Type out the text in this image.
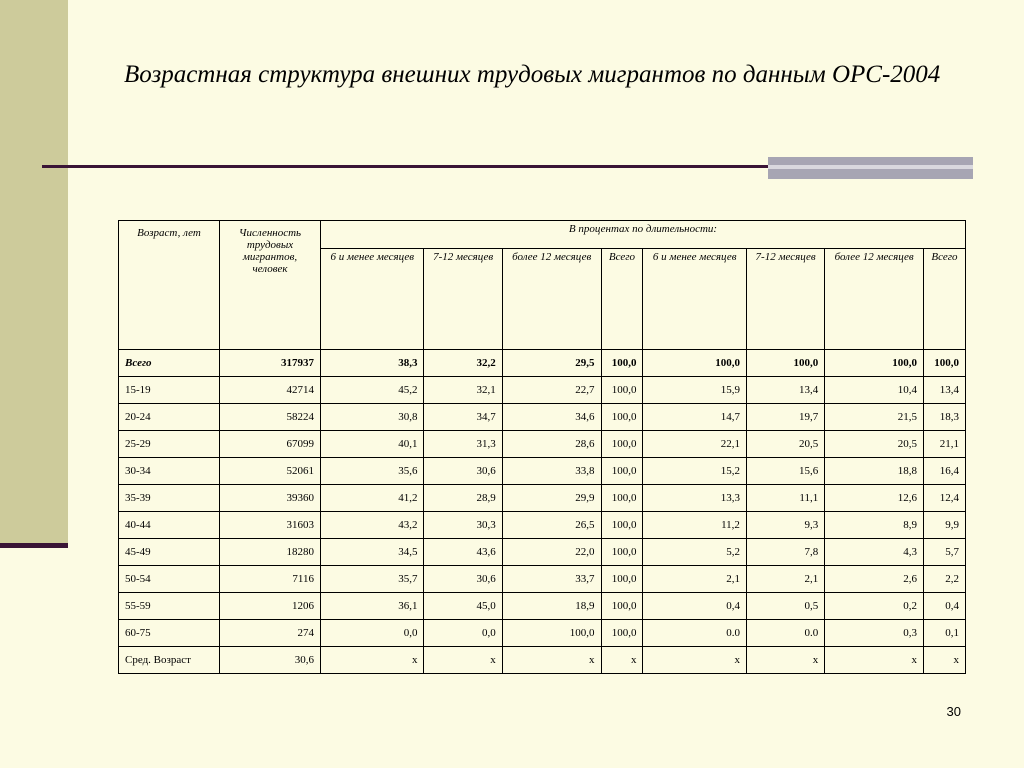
Возрастная структура внешних трудовых мигрантов по данным ОРС-2004
Возраст, лет	Численность трудовых мигрантов, человек	В процентах по длительности:							
		6 и менее месяцев	7-12 месяцев	более 12 месяцев	Всего	6 и менее месяцев	7-12 месяцев	более 12 месяцев	Всего
Всего	317937	38,3	32,2	29,5	100,0	100,0	100,0	100,0	100,0
15-19	42714	45,2	32,1	22,7	100,0	15,9	13,4	10,4	13,4
20-24	58224	30,8	34,7	34,6	100,0	14,7	19,7	21,5	18,3
25-29	67099	40,1	31,3	28,6	100,0	22,1	20,5	20,5	21,1
30-34	52061	35,6	30,6	33,8	100,0	15,2	15,6	18,8	16,4
35-39	39360	41,2	28,9	29,9	100,0	13,3	11,1	12,6	12,4
40-44	31603	43,2	30,3	26,5	100,0	11,2	9,3	8,9	9,9
45-49	18280	34,5	43,6	22,0	100,0	5,2	7,8	4,3	5,7
50-54	7116	35,7	30,6	33,7	100,0	2,1	2,1	2,6	2,2
55-59	1206	36,1	45,0	18,9	100,0	0,4	0,5	0,2	0,4
60-75	274	0,0	0,0	100,0	100,0	0.0	0.0	0,3	0,1
Сред. Возраст	30,6	х	х	х	х	х	х	х	х
30
